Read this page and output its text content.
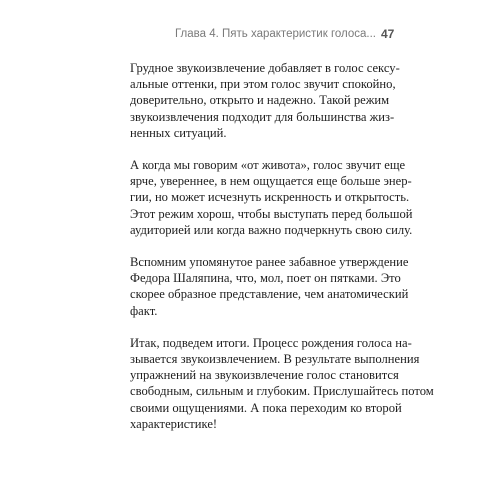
Глава 4. Пять характеристик голоса... 47

Грудное звукоизвлечение добавляет в голос сексу-
альные оттенки, при этом голос звучит спокойно,
доверительно, открыто и надежно. Такой режим
звукоизвлечения подходит для большинства жиз-
ненных ситуаций.

А когда мы говорим «от живота», голос звучит еще
ярче, увереннее, в нем ощущается еще больше энер-
гии, но может исчезнуть искренность и открытость.
Этот режим хорош, чтобы выступать перед большой
аудиторией или когда важно подчеркнуть свою силу.

Вспомним упомянутое ранее забавное утверждение
Федора Шаляпина, что, мол, поет он пятками. Это
скорее образное представление, чем анатомический
факт.

Итак, подведем итоги. Процесс рождения голоса на-
зывается звукоизвлечением. В результате выполнения
упражнений на звукоизвлечение голос становится
свободным, сильным и глубоким. Прислушайтесь потом
своими ощущениями. А пока переходим ко второй
характеристике!
